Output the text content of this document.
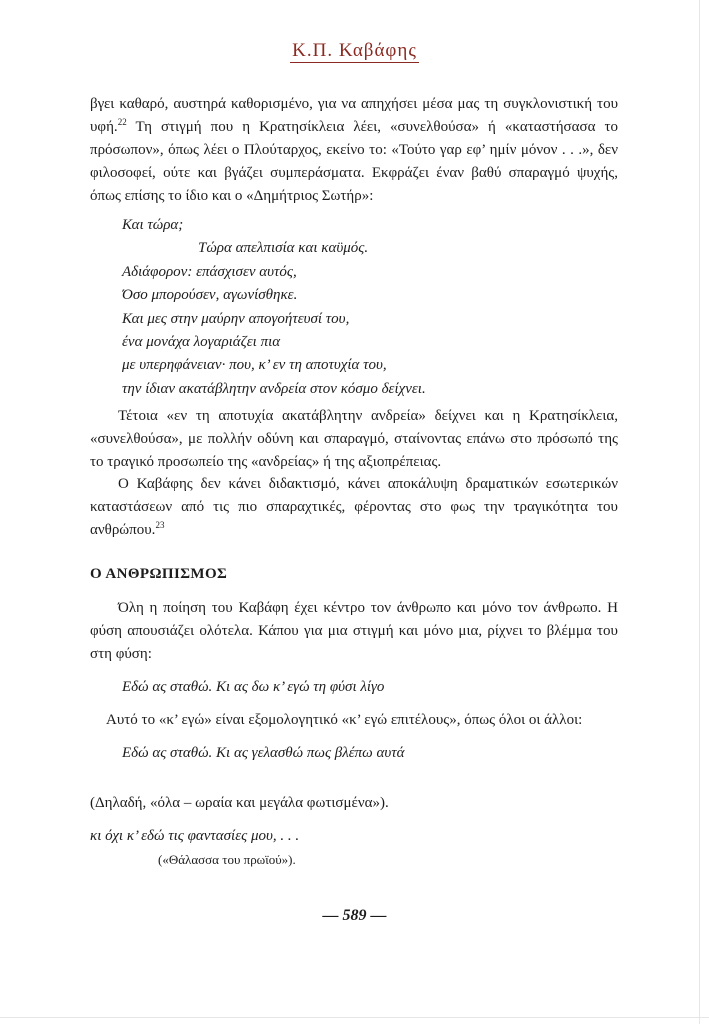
Κ.Π. Καβάφης

βγει καθαρό, αυστηρά καθορισμένο, για να απηχήσει μέσα μας τη συγκλονιστική του υφή.$^{22}$ Τη στιγμή που η Κρατησίκλεια λέει, «συνελθούσα» ή «καταστήσασα το πρόσωπον», όπως λέει ο Πλούταρχος, εκείνο το: «Τούτο γαρ εφ’ ημίν μόνον . . .», δεν φιλοσοφεί, ούτε και βγάζει συμπεράσματα. Εκφράζει έναν βαθύ σπαραγμό ψυχής, όπως επίσης το ίδιο και ο «Δημήτριος Σωτήρ»:

Και τώρα;
Τώρα απελπισία και καϋμός.
Αδιάφορον: επάσχισεν αυτός,
Όσο μπορούσεν, αγωνίσθηκε.
Και μες στην μαύρην απογοήτευσί του,
ένα μονάχα λογαριάζει πια
με υπερηφάνειαν· που, κ’ εν τη αποτυχία του,
την ίδιαν ακατάβλητην ανδρεία στον κόσμο δείχνει.

Τέτοια «εν τη αποτυχία ακατάβλητην ανδρεία» δείχνει και η Κρατησίκλεια, «συνελθούσα», με πολλήν οδύνη και σπαραγμό, σταίνοντας επάνω στο πρόσωπό της το τραγικό προσωπείο της «ανδρείας» ή της αξιοπρέπειας.

Ο Καβάφης δεν κάνει διδακτισμό, κάνει αποκάλυψη δραματικών εσωτερικών καταστάσεων από τις πιο σπαραχτικές, φέροντας στο φως την τραγικότητα του ανθρώπου.$^{23}$

Ο ΑΝΘΡΩΠΙΣΜΟΣ

Όλη η ποίηση του Καβάφη έχει κέντρο τον άνθρωπο και μόνο τον άνθρωπο. Η φύση απουσιάζει ολότελα. Κάπου για μια στιγμή και μόνο μια, ρίχνει το βλέμμα του στη φύση:

Εδώ ας σταθώ. Κι ας δω κ’ εγώ τη φύσι λίγο
Αυτό το «κ’ εγώ» είναι εξομολογητικό «κ’ εγώ επιτέλους», όπως όλοι οι άλλοι:
Εδώ ας σταθώ. Κι ας γελασθώ πως βλέπω αυτά
(Δηλαδή, «όλα – ωραία και μεγάλα φωτισμένα»).
κι όχι κ’ εδώ τις φαντασίες μου, . . .
(«Θάλασσα του πρωϊού»).
— 589 —
